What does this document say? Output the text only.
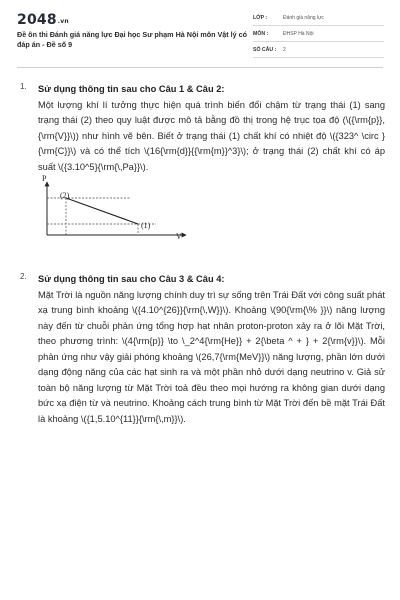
2048.vn
Đề ôn thi Đánh giá năng lực Đại học Sư phạm Hà Nội môn Vật lý có đáp án - Đề số 9
LỚP :	Đánh giá năng lực
MÔN :	ĐHSP Hà Nội
SỐ CÂU :	2
1. Sử dụng thông tin sau cho Câu 1 & Câu 2:
Một lượng khí lí tưởng thực hiện quá trình biến đổi chậm từ trạng thái (1) sang trạng thái (2) theo quy luật được mô tả bằng đồ thị trong hệ trục tọa độ (\({\rm{p}},{\rm{V}}\)) như hình vẽ bên. Biết ở trạng thái (1) chất khí có nhiệt độ \({323^ \circ }{\rm{C}}\) và có thể tích \(16{\rm{d}}{{\rm{m}}^3}\); ở trạng thái (2) chất khí có áp suất \({3.10^5}{\rm{\,Pa}}\).
P
V
(2)
(1)
2. Sử dụng thông tin sau cho Câu 3 & Câu 4:
Mặt Trời là nguồn năng lượng chính duy trì sự sống trên Trái Đất với công suất phát xạ trung bình khoảng \({4.10^{26}}{\rm{\,W}}\). Khoảng \(90{\rm{\% }}\) năng lượng này đến từ chuỗi phản ứng tổng hợp hạt nhân proton-proton xảy ra ở lõi Mặt Trời, theo phương trình: \(4{\rm{p}} \to \_2^4{\rm{He}} + 2{\beta ^ + } + 2{\rm{v}}\). Mỗi phản ứng như vậy giải phóng khoảng \(26,7{\rm{MeV}}\) năng lượng, phần lớn dưới dạng động năng của các hạt sinh ra và một phần nhỏ dưới dạng neutrino v. Giả sử toàn bộ năng lượng từ Mặt Trời toả đều theo mọi hướng ra không gian dưới dạng bức xạ điện từ và neutrino. Khoảng cách trung bình từ Mặt Trời đến bề mặt Trái Đất là khoảng \({1,5.10^{11}}{\rm{\,m}}\).
